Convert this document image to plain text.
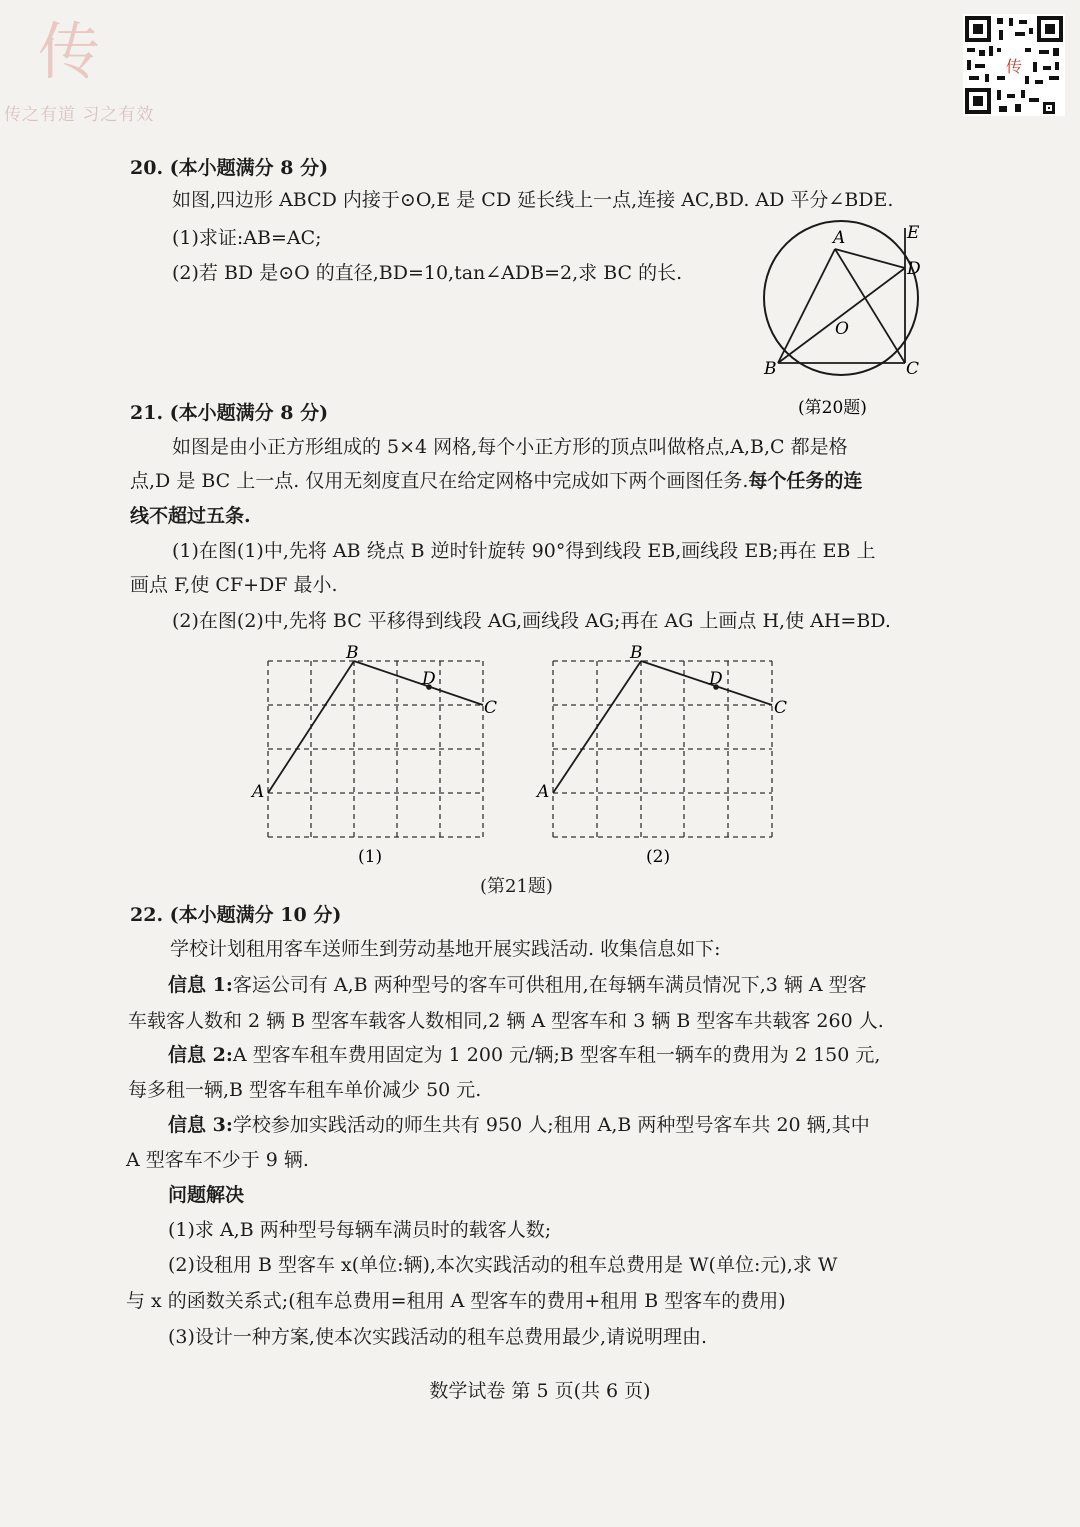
传
传之有道 习之有效
传
20. (本小题满分 8 分)
如图,四边形 ABCD 内接于⊙O,E 是 CD 延长线上一点,连接 AC,BD. AD 平分∠BDE.
(1)求证:AB=AC;
(2)若 BD 是⊙O 的直径,BD=10,tan∠ADB=2,求 BC 的长.
A	E
D
O
B	C
(第20题)
21. (本小题满分 8 分)
如图是由小正方形组成的 5×4 网格,每个小正方形的顶点叫做格点,A,B,C 都是格
点,D 是 BC 上一点. 仅用无刻度直尺在给定网格中完成如下两个画图任务.每个任务的连
线不超过五条.
(1)在图(1)中,先将 AB 绕点 B 逆时针旋转 90°得到线段 EB,画线段 EB;再在 EB 上
画点 F,使 CF+DF 最小.
(2)在图(2)中,先将 BC 平移得到线段 AG,画线段 AG;再在 AG 上画点 H,使 AH=BD.
B
D
C
A
(1)
B
D
C
A
(2)
(第21题)
22. (本小题满分 10 分)
学校计划租用客车送师生到劳动基地开展实践活动. 收集信息如下:
信息 1:客运公司有 A,B 两种型号的客车可供租用,在每辆车满员情况下,3 辆 A 型客
车载客人数和 2 辆 B 型客车载客人数相同,2 辆 A 型客车和 3 辆 B 型客车共载客 260 人.
信息 2:A 型客车租车费用固定为 1 200 元/辆;B 型客车租一辆车的费用为 2 150 元,
每多租一辆,B 型客车租车单价减少 50 元.
信息 3:学校参加实践活动的师生共有 950 人;租用 A,B 两种型号客车共 20 辆,其中
A 型客车不少于 9 辆.
问题解决
(1)求 A,B 两种型号每辆车满员时的载客人数;
(2)设租用 B 型客车 x(单位:辆),本次实践活动的租车总费用是 W(单位:元),求 W
与 x 的函数关系式;(租车总费用=租用 A 型客车的费用+租用 B 型客车的费用)
(3)设计一种方案,使本次实践活动的租车总费用最少,请说明理由.
数学试卷 第 5 页(共 6 页)
